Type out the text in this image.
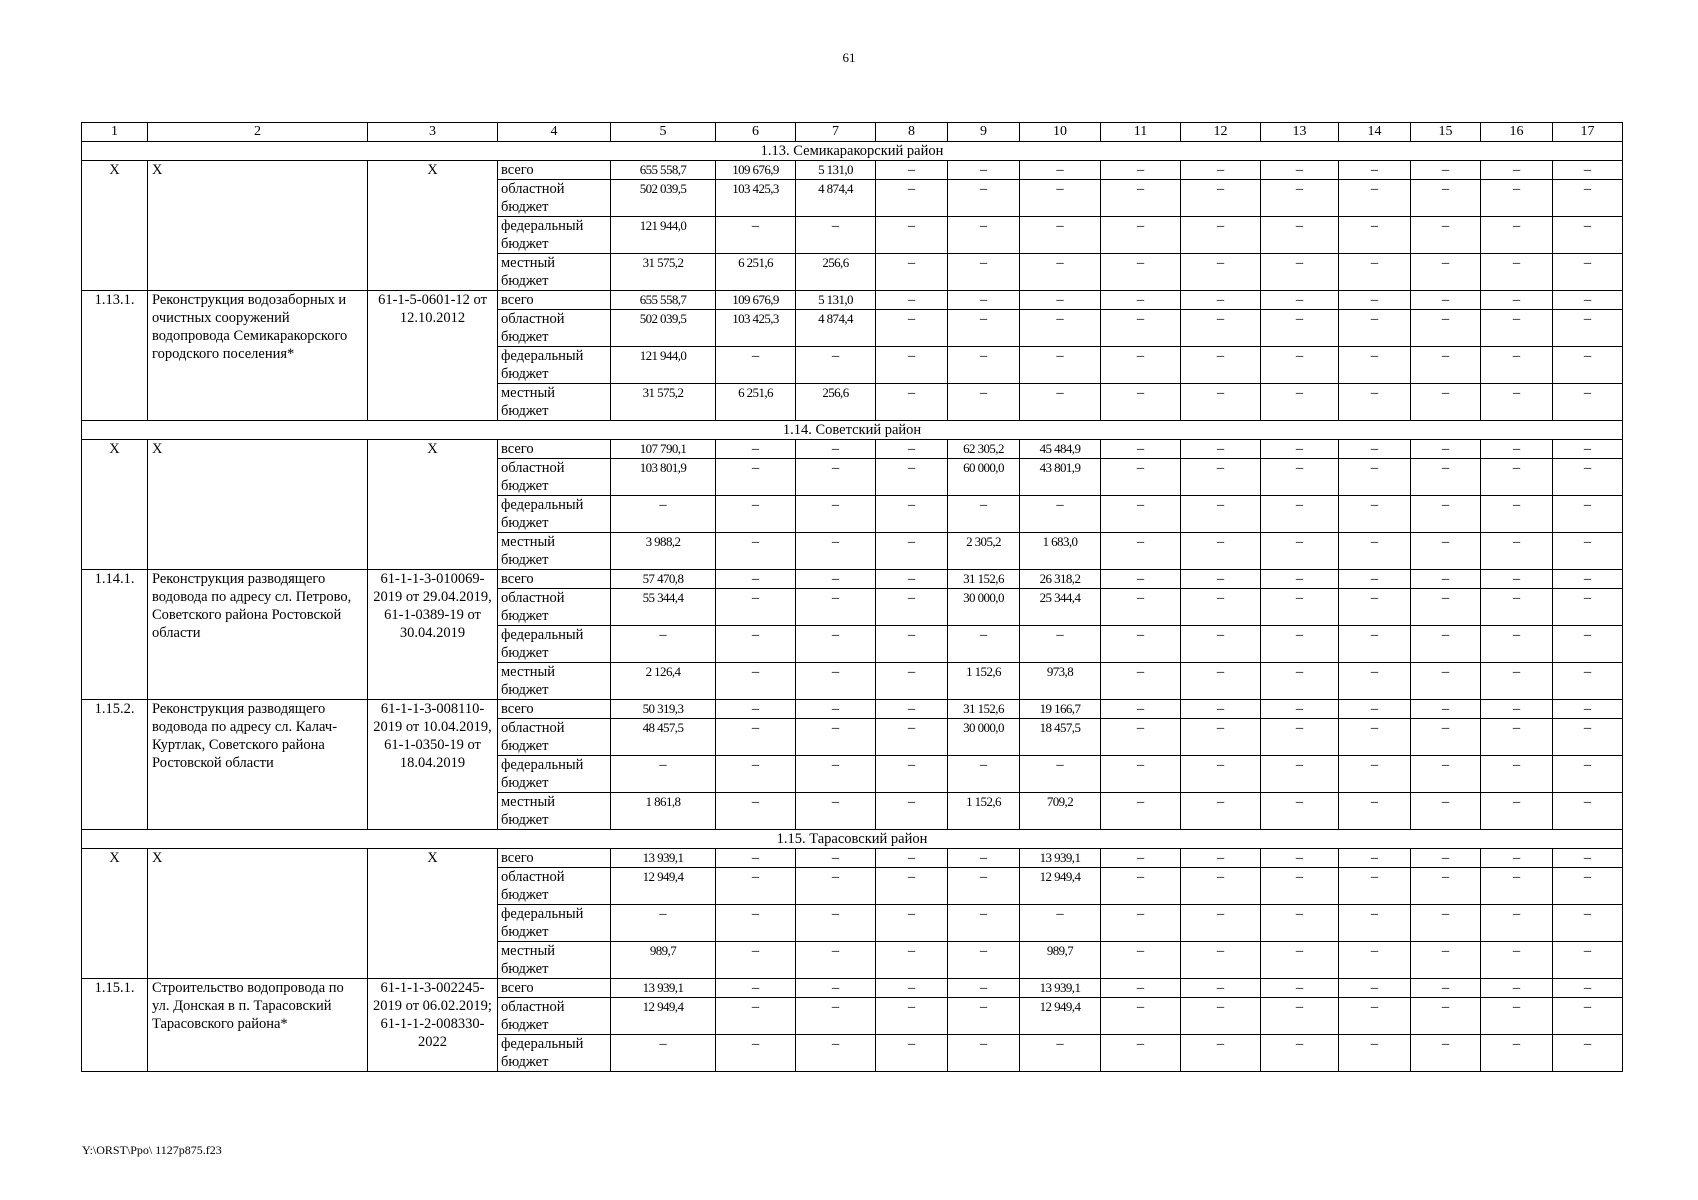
61
1	2	3	4	5	6	7	8	9	10	11	12	13	14	15	16	17
1.13. Семикаракорский район																
X	X	X	всего	655 558,7	109 676,9	5 131,0	–	–	–	–	–	–	–	–	–	–
			областной бюджет	502 039,5	103 425,3	4 874,4	–	–	–	–	–	–	–	–	–	–
			федеральный бюджет	121 944,0	–	–	–	–	–	–	–	–	–	–	–	–
			местный бюджет	31 575,2	6 251,6	256,6	–	–	–	–	–	–	–	–	–	–
1.13.1.	Реконструкция водозаборных и очистных сооружений водопровода Семикаракорского городского поселения*	61-1-5-0601-12 от 12.10.2012	всего	655 558,7	109 676,9	5 131,0	–	–	–	–	–	–	–	–	–	–
			областной бюджет	502 039,5	103 425,3	4 874,4	–	–	–	–	–	–	–	–	–	–
			федеральный бюджет	121 944,0	–	–	–	–	–	–	–	–	–	–	–	–
			местный бюджет	31 575,2	6 251,6	256,6	–	–	–	–	–	–	–	–	–	–
1.14. Советский район																
X	X	X	всего	107 790,1	–	–	–	62 305,2	45 484,9	–	–	–	–	–	–	–
			областной бюджет	103 801,9	–	–	–	60 000,0	43 801,9	–	–	–	–	–	–	–
			федеральный бюджет	–	–	–	–	–	–	–	–	–	–	–	–	–
			местный бюджет	3 988,2	–	–	–	2 305,2	1 683,0	–	–	–	–	–	–	–
1.14.1.	Реконструкция разводящего водовода по адресу сл. Петрово, Советского района Ростовской области	61-1-1-3-010069-2019 от 29.04.2019, 61-1-0389-19 от 30.04.2019	всего	57 470,8	–	–	–	31 152,6	26 318,2	–	–	–	–	–	–	–
			областной бюджет	55 344,4	–	–	–	30 000,0	25 344,4	–	–	–	–	–	–	–
			федеральный бюджет	–	–	–	–	–	–	–	–	–	–	–	–	–
			местный бюджет	2 126,4	–	–	–	1 152,6	973,8	–	–	–	–	–	–	–
1.15.2.	Реконструкция разводящего водовода по адресу сл. Калач-Куртлак, Советского района Ростовской области	61-1-1-3-008110-2019 от 10.04.2019, 61-1-0350-19 от 18.04.2019	всего	50 319,3	–	–	–	31 152,6	19 166,7	–	–	–	–	–	–	–
			областной бюджет	48 457,5	–	–	–	30 000,0	18 457,5	–	–	–	–	–	–	–
			федеральный бюджет	–	–	–	–	–	–	–	–	–	–	–	–	–
			местный бюджет	1 861,8	–	–	–	1 152,6	709,2	–	–	–	–	–	–	–
1.15. Тарасовский район																
X	X	X	всего	13 939,1	–	–	–	–	13 939,1	–	–	–	–	–	–	–
			областной бюджет	12 949,4	–	–	–	–	12 949,4	–	–	–	–	–	–	–
			федеральный бюджет	–	–	–	–	–	–	–	–	–	–	–	–	–
			местный бюджет	989,7	–	–	–	–	989,7	–	–	–	–	–	–	–
1.15.1.	Строительство водопровода по ул. Донская в п. Тарасовский Тарасовского района*	61-1-1-3-002245-2019 от 06.02.2019; 61-1-1-2-008330-2022	всего	13 939,1	–	–	–	–	13 939,1	–	–	–	–	–	–	–
			областной бюджет	12 949,4	–	–	–	–	12 949,4	–	–	–	–	–	–	–
			федеральный бюджет	–	–	–	–	–	–	–	–	–	–	–	–	–
Y:\ORST\Ppo\ 1127p875.f23
